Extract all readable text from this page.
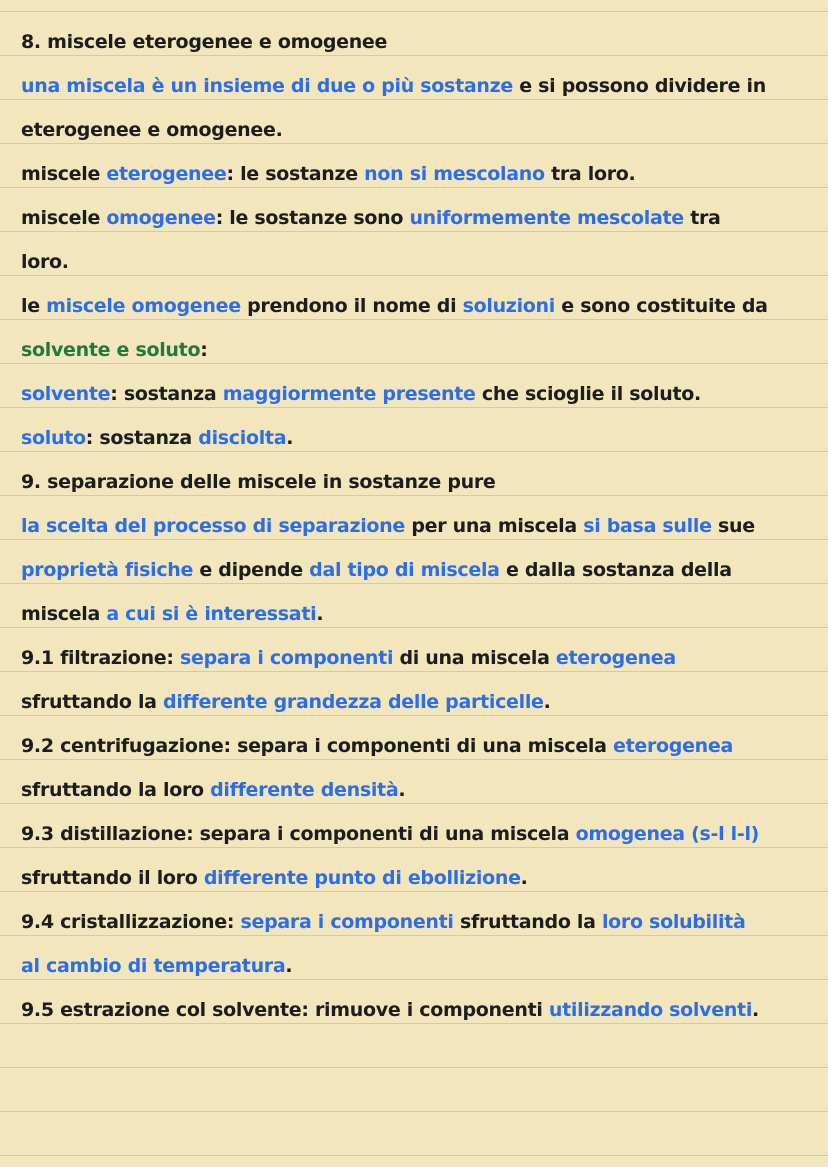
8. miscele eterogenee e omogenee
una miscela è un insieme di due o più sostanze e si possono dividere in
eterogenee e omogenee.
miscele eterogenee: le sostanze non si mescolano tra loro.
miscele omogenee: le sostanze sono uniformemente mescolate tra
loro.
le miscele omogenee prendono il nome di soluzioni e sono costituite da
solvente e soluto:
solvente: sostanza maggiormente presente che scioglie il soluto.
soluto: sostanza disciolta.
9. separazione delle miscele in sostanze pure
la scelta del processo di separazione per una miscela si basa sulle sue
proprietà fisiche e dipende dal tipo di miscela e dalla sostanza della
miscela a cui si è interessati.
9.1 filtrazione: separa i componenti di una miscela eterogenea
sfruttando la differente grandezza delle particelle.
9.2 centrifugazione: separa i componenti di una miscela eterogenea
sfruttando la loro differente densità.
9.3 distillazione: separa i componenti di una miscela omogenea (s-l l-l)
sfruttando il loro differente punto di ebollizione.
9.4 cristallizzazione: separa i componenti sfruttando la loro solubilità
al cambio di temperatura.
9.5 estrazione col solvente: rimuove i componenti utilizzando solventi.
